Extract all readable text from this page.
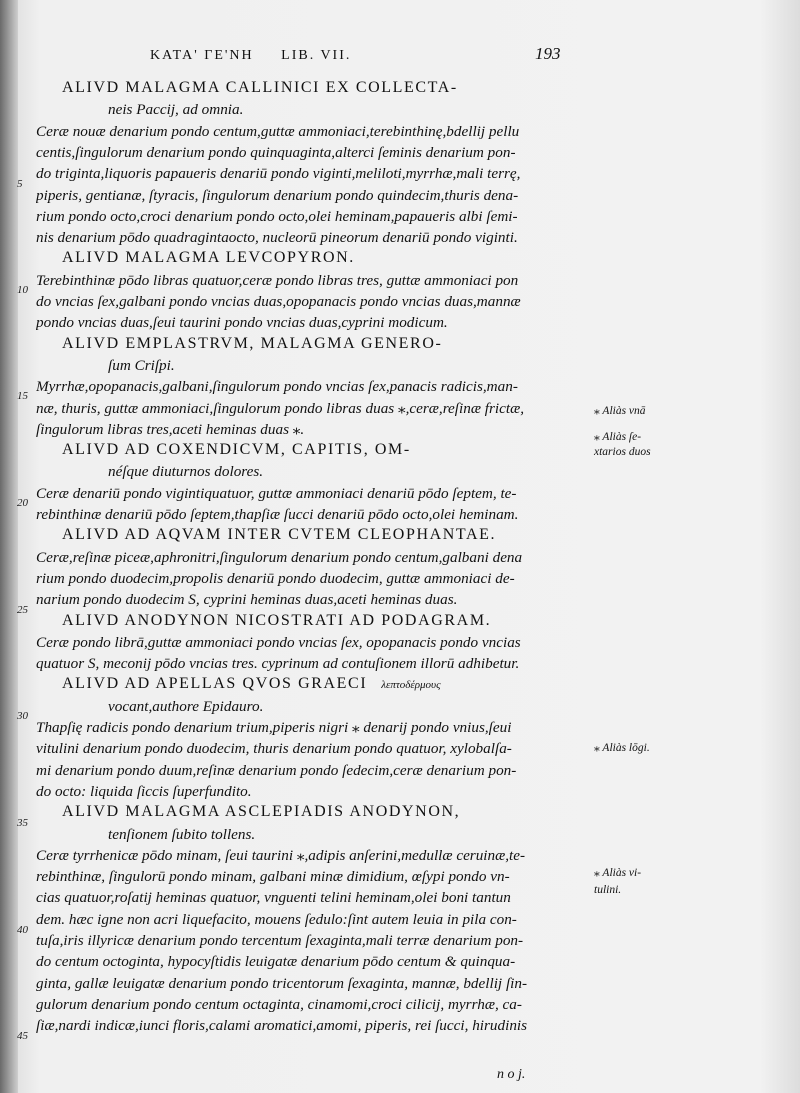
ΚΑΤΑ' ΓΕ'ΝΗ LIB. VII.	193
ALIVD MALAGMA CALLINICI EX COLLECTA-
neis Paccij, ad omnia.
Ceræ nouæ denarium pondo centum,guttæ ammoniaci,terebinthinę,bdellij pellu
centis,ſingulorum denarium pondo quinquaginta,alterci ſeminis denarium pon-
do triginta,liquoris papaueris denariū pondo viginti,meliloti,myrrhæ,mali terrę,
piperis, gentianæ, ſtyracis, ſingulorum denarium pondo quindecim,thuris dena-
rium pondo octo,croci denarium pondo octo,olei heminam,papaueris albi ſemi-
nis denarium pōdo quadragintaocto, nucleorū pineorum denariū pondo viginti.
ALIVD MALAGMA LEVCOPYRON.
Terebinthinæ pōdo libras quatuor,ceræ pondo libras tres, guttæ ammoniaci pon
do vncias ſex,galbani pondo vncias duas,opopanacis pondo vncias duas,mannæ
pondo vncias duas,ſeui taurini pondo vncias duas,cyprini modicum.
ALIVD EMPLASTRVM, MALAGMA GENERO-
ſum Criſpi.
Myrrhæ,opopanacis,galbani,ſingulorum pondo vncias ſex,panacis radicis,man-
næ, thuris, guttæ ammoniaci,ſingulorum pondo libras duas ⁎,ceræ,reſinæ frictæ,
ſingulorum libras tres,aceti heminas duas ⁎.
ALIVD AD COXENDICVM, CAPITIS, OM-
néſque diuturnos dolores.
Ceræ denariū pondo vigintiquatuor, guttæ ammoniaci denariū pōdo ſeptem, te-
rebinthinæ denariū pōdo ſeptem,thapſiæ ſucci denariū pōdo octo,olei heminam.
ALIVD AD AQVAM INTER CVTEM CLEOPHANTAE.
Ceræ,reſinæ piceæ,aphronitri,ſingulorum denarium pondo centum,galbani dena
rium pondo duodecim,propolis denariū pondo duodecim, guttæ ammoniaci de-
narium pondo duodecim S, cyprini heminas duas,aceti heminas duas.
ALIVD ANODYNON NICOSTRATI AD PODAGRAM.
Ceræ pondo librā,guttæ ammoniaci pondo vncias ſex, opopanacis pondo vncias
quatuor S, meconij pōdo vncias tres. cyprinum ad contuſionem illorū adhibetur.
ALIVD AD APELLAS QVOS GRAECI λεπτοδέρμους
vocant,authore Epidauro.
Thapſię radicis pondo denarium trium,piperis nigri ⁎ denarij pondo vnius,ſeui
vitulini denarium pondo duodecim, thuris denarium pondo quatuor, xylobalſa-
mi denarium pondo duum,reſinæ denarium pondo ſedecim,ceræ denarium pon-
do octo: liquida ſiccis ſuperfundito.
ALIVD MALAGMA ASCLEPIADIS ANODYNON,
tenſionem ſubito tollens.
Ceræ tyrrhenicæ pōdo minam, ſeui taurini ⁎,adipis anſerini,medullæ ceruinæ,te-
rebinthinæ, ſingulorū pondo minam, galbani minæ dimidium, œſypi pondo vn-
cias quatuor,roſatij heminas quatuor, vnguenti telini heminam,olei boni tantun
dem. hæc igne non acri liquefacito, mouens ſedulo:ſint autem leuia in pila con-
tuſa,iris illyricæ denarium pondo tercentum ſexaginta,mali terræ denarium pon-
do centum octoginta, hypocyſtidis leuigatæ denarium pōdo centum & quinqua-
ginta, gallæ leuigatæ denarium pondo tricentorum ſexaginta, mannæ, bdellij ſin-
gulorum denarium pondo centum octaginta, cinamomi,croci cilicij, myrrhæ, ca-
ſiæ,nardi indicæ,iunci floris,calami aromatici,amomi, piperis, rei ſucci, hirudinis
5
10
15
20
25
30
35
40
45
⁎ Aliàs vnā
⁎ Aliàs ſe-
xtarios duos
⁎ Aliàs lōgi.
⁎ Aliàs vi-
tulini.
n o j.
